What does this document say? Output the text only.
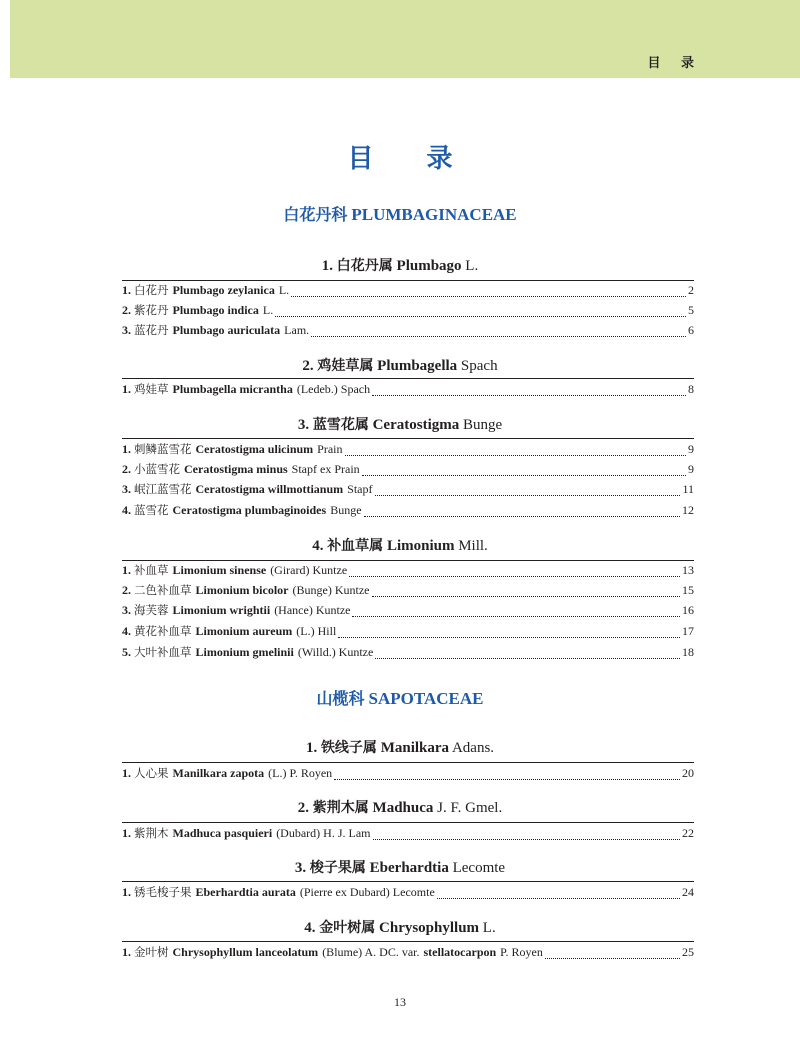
目 录
目 录
白花丹科 PLUMBAGINACEAE
1. 白花丹属 Plumbago L.
1. 白花丹 Plumbago zeylanica L.	2
2. 紫花丹 Plumbago indica L.	5
3. 蓝花丹 Plumbago auriculata Lam.	6
2. 鸡娃草属 Plumbagella Spach
1. 鸡娃草 Plumbagella micrantha (Ledeb.) Spach	8
3. 蓝雪花属 Ceratostigma Bunge
1. 刺鳞蓝雪花 Ceratostigma ulicinum Prain	9
2. 小蓝雪花 Ceratostigma minus Stapf ex Prain	9
3. 岷江蓝雪花 Ceratostigma willmottianum Stapf	11
4. 蓝雪花 Ceratostigma plumbaginoides Bunge	12
4. 补血草属 Limonium Mill.
1. 补血草 Limonium sinense (Girard) Kuntze	13
2. 二色补血草 Limonium bicolor (Bunge) Kuntze	15
3. 海芙蓉 Limonium wrightii (Hance) Kuntze	16
4. 黄花补血草 Limonium aureum (L.) Hill	17
5. 大叶补血草 Limonium gmelinii (Willd.) Kuntze	18
山榄科 SAPOTACEAE
1. 铁线子属 Manilkara Adans.
1. 人心果 Manilkara zapota (L.) P. Royen	20
2. 紫荆木属 Madhuca J. F. Gmel.
1. 紫荆木 Madhuca pasquieri (Dubard) H. J. Lam	22
3. 梭子果属 Eberhardtia Lecomte
1. 锈毛梭子果 Eberhardtia aurata (Pierre ex Dubard) Lecomte	24
4. 金叶树属 Chrysophyllum L.
1. 金叶树 Chrysophyllum lanceolatum (Blume) A. DC. var. stellatocarpon P. Royen	25
13
